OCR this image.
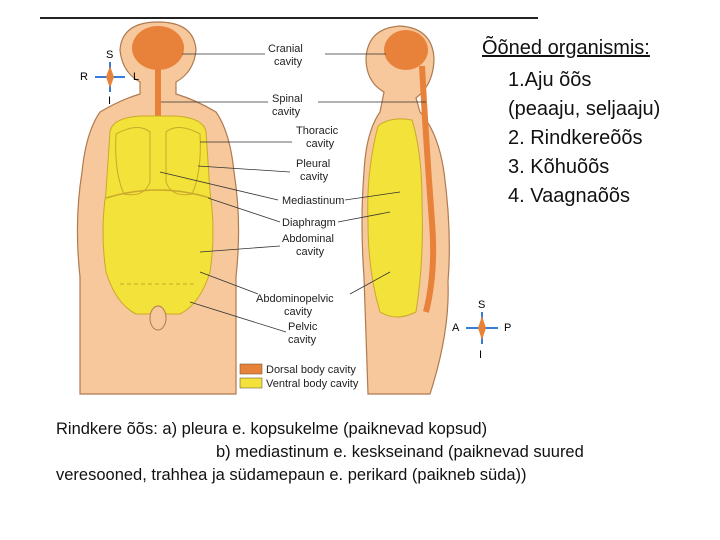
S
R	L
I
S
A	P
I
Cranial cavity
Spinal cavity
Thoracic cavity
Pleural cavity
Mediastinum
Diaphragm
Abdominal cavity
Abdominopelvic cavity
Pelvic cavity
Dorsal body cavity
Ventral body cavity
Õõned organismis:
1.Aju õõs
(peaaju, seljaaju)
2. Rindkereõõs
3. Kõhuõõs
4. Vaagnaõõs
Rindkere õõs: a) pleura e. kopsukelme (paiknevad kopsud)
b) mediastinum e. keskseinand (paiknevad suured
veresooned, trahhea ja südamepaun e. perikard (paikneb süda))
